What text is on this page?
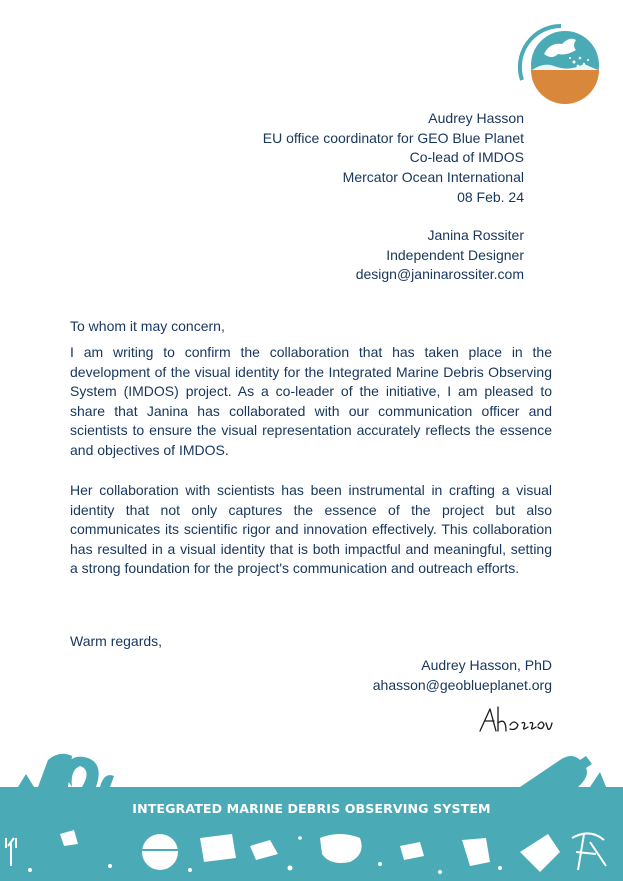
Audrey Hasson

EU office coordinator for GEO Blue Planet

Co-lead of IMDOS

Mercator Ocean International

08 Feb. 24

Janina Rossiter

Independent Designer

design@janinarossiter.com

To whom it may concern,

I am writing to confirm the collaboration that has taken place in the development of the visual identity for the Integrated Marine Debris Observing System (IMDOS) project. As a co-leader of the initiative, I am pleased to share that Janina has collaborated with our communication officer and scientists to ensure the visual representation accurately reflects the essence and objectives of IMDOS.

Her collaboration with scientists has been instrumental in crafting a visual identity that not only captures the essence of the project but also communicates its scientific rigor and innovation effectively. This collaboration has resulted in a visual identity that is both impactful and meaningful, setting a strong foundation for the project's communication and outreach efforts.

Warm regards,

Audrey Hasson, PhD

ahasson@geoblueplanet.org

INTEGRATED MARINE DEBRIS OBSERVING SYSTEM
